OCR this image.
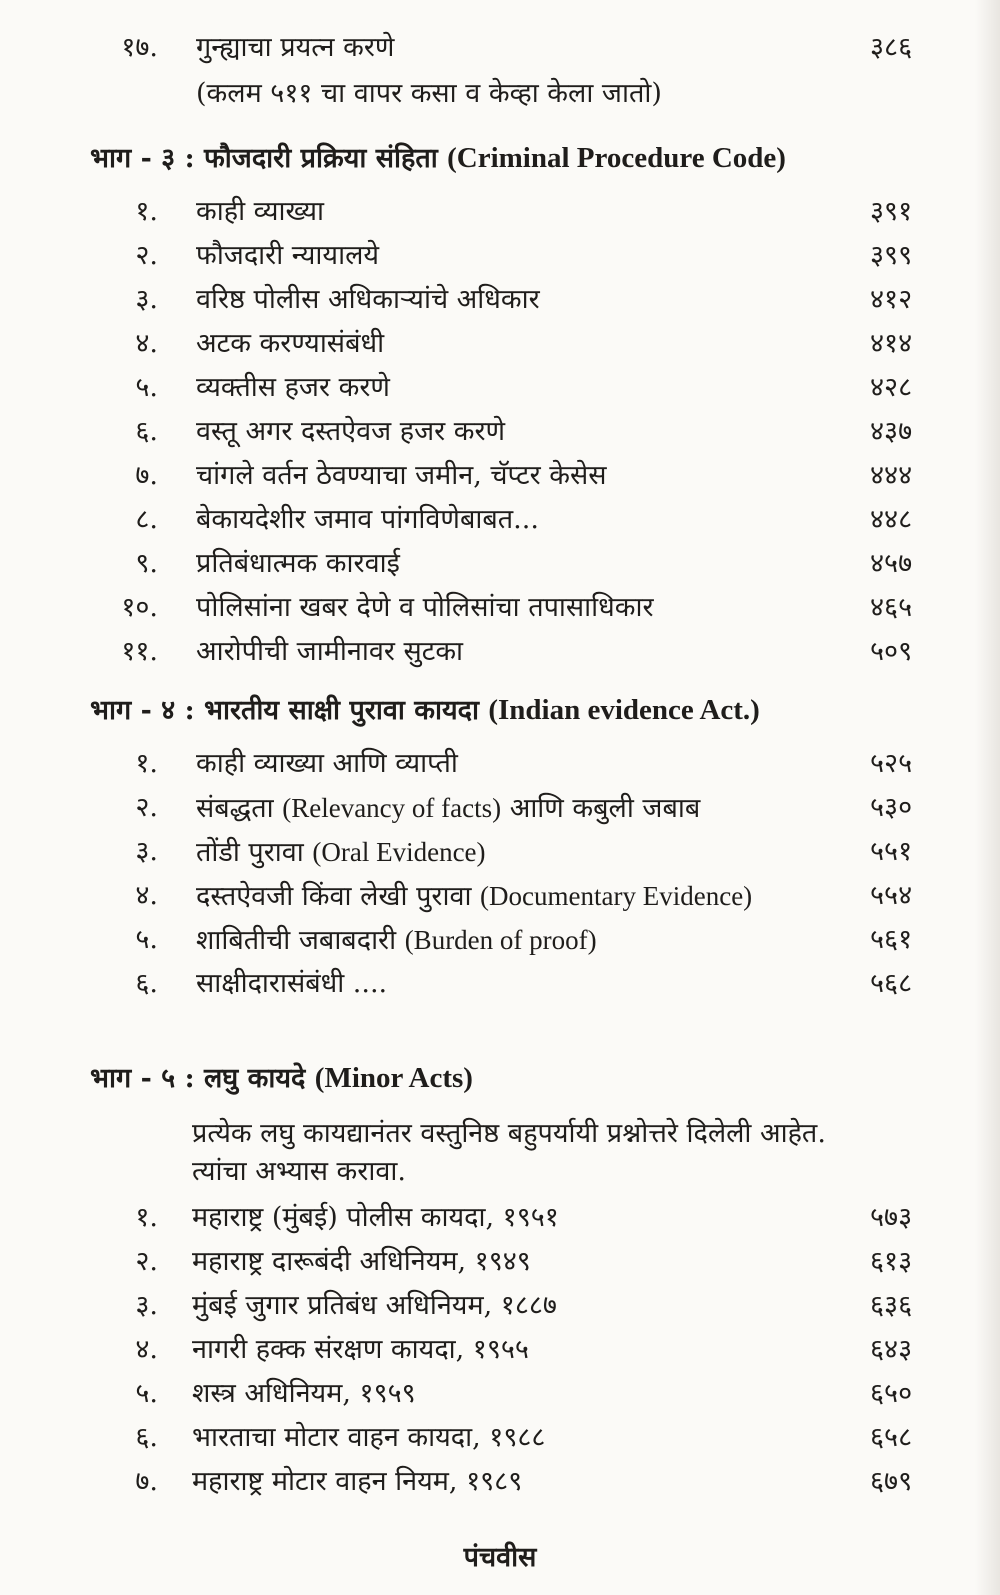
१७. गुन्ह्याचा प्रयत्न करणे	३८६
(कलम ५११ चा वापर कसा व केव्हा केला जातो)
भाग - ३ : फौजदारी प्रक्रिया संहिता (Criminal Procedure Code)
१. काही व्याख्या	३९१
२. फौजदारी न्यायालये	३९९
३. वरिष्ठ पोलीस अधिकाऱ्यांचे अधिकार	४१२
४. अटक करण्यासंबंधी	४१४
५. व्यक्तीस हजर करणे	४२८
६. वस्तू अगर दस्तऐवज हजर करणे	४३७
७. चांगले वर्तन ठेवण्याचा जमीन, चॅप्टर केसेस	४४४
८. बेकायदेशीर जमाव पांगविणेबाबत...	४४८
९. प्रतिबंधात्मक कारवाई	४५७
१०. पोलिसांना खबर देणे व पोलिसांचा तपासाधिकार	४६५
११. आरोपीची जामीनावर सुटका	५०९
भाग - ४ : भारतीय साक्षी पुरावा कायदा (Indian evidence Act.)
१. काही व्याख्या आणि व्याप्ती	५२५
२. संबद्धता (Relevancy of facts) आणि कबुली जबाब	५३०
३. तोंडी पुरावा (Oral Evidence)	५५१
४. दस्तऐवजी किंवा लेखी पुरावा (Documentary Evidence)	५५४
५. शाबितीची जबाबदारी (Burden of proof)	५६१
६. साक्षीदारासंबंधी ....	५६८
भाग - ५ : लघु कायदे (Minor Acts)
प्रत्येक लघु कायद्यानंतर वस्तुनिष्ठ बहुपर्यायी प्रश्नोत्तरे दिलेली आहेत.
त्यांचा अभ्यास करावा.
१. महाराष्ट्र (मुंबई) पोलीस कायदा, १९५१	५७३
२. महाराष्ट्र दारूबंदी अधिनियम, १९४९	६१३
३. मुंबई जुगार प्रतिबंध अधिनियम, १८८७	६३६
४. नागरी हक्क संरक्षण कायदा, १९५५	६४३
५. शस्त्र अधिनियम, १९५९	६५०
६. भारताचा मोटार वाहन कायदा, १९८८	६५८
७. महाराष्ट्र मोटार वाहन नियम, १९८९	६७९
पंचवीस
